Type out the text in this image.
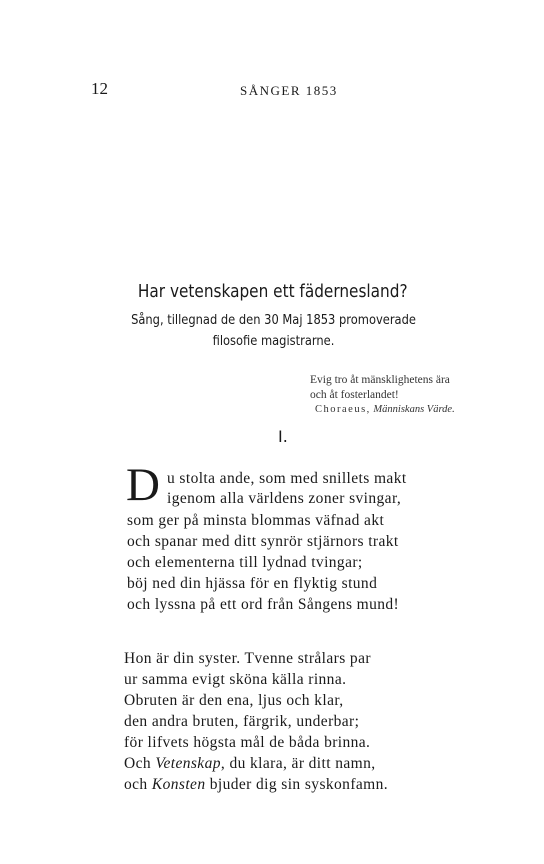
12	SÅNGER 1853
Har vetenskapen ett fädernesland?
Sång, tillegnad de den 30 Maj 1853 promoverade
filosofie magistrarne.
Evig tro åt mänsklighetens ära
och åt fosterlandet!
Choraeus, Människans Värde.
I.
D u stolta ande, som med snillets makt
igenom alla världens zoner svingar,
som ger på minsta blommas väfnad akt
och spanar med ditt synrör stjärnors trakt
och elementerna till lydnad tvingar;
böj ned din hjässa för en flyktig stund
och lyssna på ett ord från Sångens mund!
Hon är din syster. Tvenne strålars par
ur samma evigt sköna källa rinna.
Obruten är den ena, ljus och klar,
den andra bruten, färgrik, underbar;
för lifvets högsta mål de båda brinna.
Och Vetenskap, du klara, är ditt namn,
och Konsten bjuder dig sin syskonfamn.
